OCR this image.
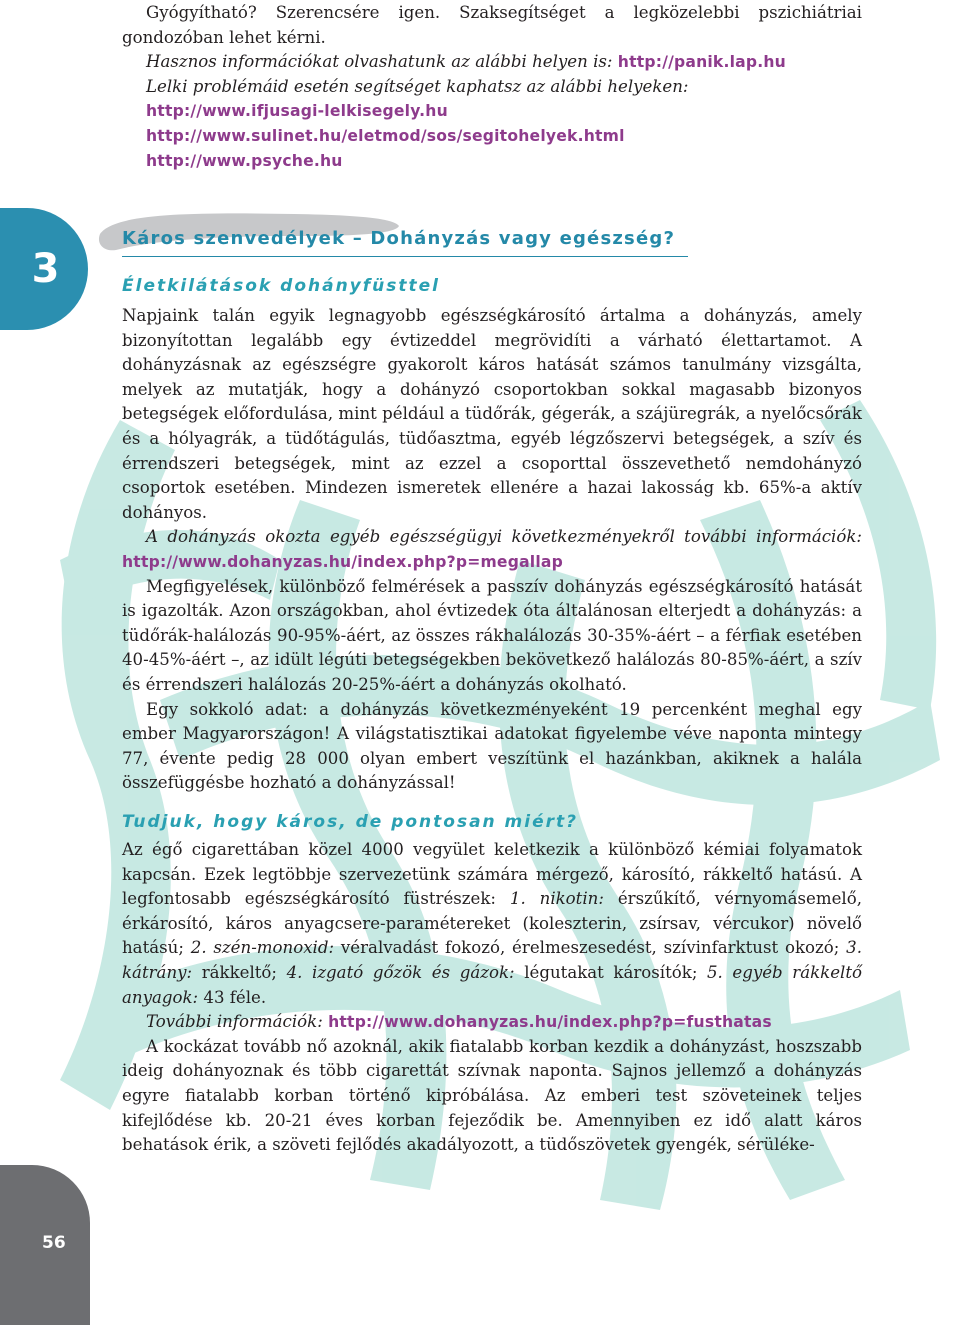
3

Gyógyítható? Szerencsére igen. Szaksegítséget a legközelebbi pszichiátriai gondozóban lehet kérni.

Hasznos információkat olvashatunk az alábbi helyen is: http://panik.lap.hu

Lelki problémáid esetén segítséget kaphatsz az alábbi helyeken:

http://www.ifjusagi-lelkisegely.hu

http://www.sulinet.hu/eletmod/sos/segitohelyek.html

http://www.psyche.hu

Káros szenvedélyek – Dohányzás vagy egészség?
Életkilátások dohányfüsttel

Napjaink talán egyik legnagyobb egészségkárosító ártalma a dohányzás, amely bizonyítottan legalább egy évtizeddel megrövidíti a várható élettartamot. A dohányzásnak az egészségre gyakorolt káros hatását számos tanulmány vizsgálta, melyek az mutatják, hogy a dohányzó csoportokban sokkal magasabb bizonyos betegségek előfordulása, mint például a tüdőrák, gégerák, a szájüregrák, a nyelőcsőrák és a hólyagrák, a tüdőtágulás, tüdőasztma, egyéb légzőszervi betegségek, a szív és érrendszeri betegségek, mint az ezzel a csoporttal összevethető nemdohányzó csoportok esetében. Mindezen ismeretek ellenére a hazai lakosság kb. 65%-a aktív dohányos.

A dohányzás okozta egyéb egészségügyi következményekről további információk: http://www.dohanyzas.hu/index.php?p=megallap

Megfigyelések, különböző felmérések a passzív dohányzás egészségkárosító hatását is igazolták. Azon országokban, ahol évtizedek óta általánosan elterjedt a dohányzás: a tüdőrák-halálozás 90-95%-áért, az összes rákhalálozás 30-35%-áért – a férfiak esetében 40-45%-áért –, az idült légúti betegségekben bekövetkező halálozás 80-85%-áért, a szív és érrendszeri halálozás 20-25%-áért a dohányzás okolható.

Egy sokkoló adat: a dohányzás következményeként 19 percenként meghal egy ember Magyarországon! A világstatisztikai adatokat figyelembe véve naponta mintegy 77, évente pedig 28 000 olyan embert veszítünk el hazánkban, akiknek a halála összefüggésbe hozható a dohányzással!

Tudjuk, hogy káros, de pontosan miért?

Az égő cigarettában közel 4000 vegyület keletkezik a különböző kémiai folyamatok kapcsán. Ezek legtöbbje szervezetünk számára mérgező, károsító, rákkeltő hatású. A legfontosabb egészségkárosító füstrészek: 1. nikotin: érszűkítő, vérnyomásemelő, érkárosító, káros anyagcsere-paramétereket (koleszterin, zsírsav, vércukor) növelő hatású; 2. szén-monoxid: véralvadást fokozó, érelmeszesedést, szívinfarktust okozó; 3. kátrány: rákkeltő; 4. izgató gőzök és gázok: légutakat károsítók; 5. egyéb rákkeltő anyagok: 43 féle.

További információk: http://www.dohanyzas.hu/index.php?p=fusthatas

A kockázat tovább nő azoknál, akik fiatalabb korban kezdik a dohányzást, hoszszabb ideig dohányoznak és több cigarettát szívnak naponta. Sajnos jellemző a dohányzás egyre fiatalabb korban történő kipróbálása. Az emberi test szöveteinek teljes kifejlődése kb. 20-21 éves korban fejeződik be. Amennyiben ez idő alatt káros behatások érik, a szöveti fejlődés akadályozott, a tüdőszövetek gyengék, sérüléke-

56
